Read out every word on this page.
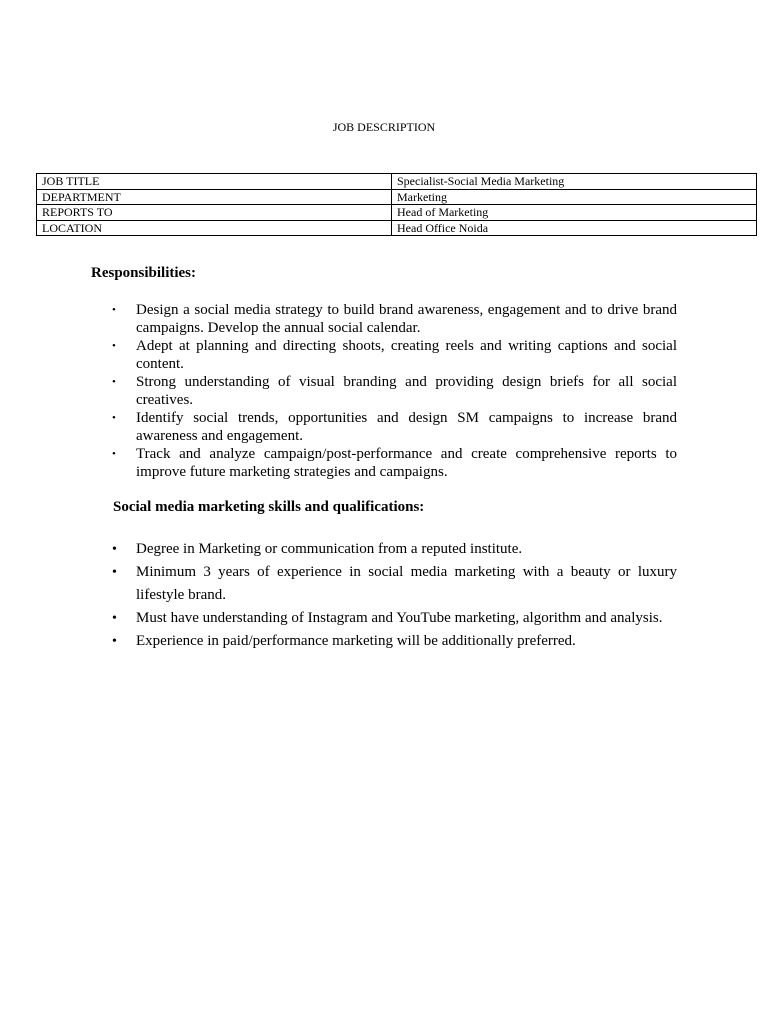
JOB DESCRIPTION
JOB TITLE	Specialist-Social Media Marketing
DEPARTMENT	Marketing
REPORTS TO	Head of Marketing
LOCATION	Head Office Noida
Responsibilities:
•	Design a social media strategy to build brand awareness, engagement and to drive brand campaigns. Develop the annual social calendar.
•	Adept at planning and directing shoots, creating reels and writing captions and social content.
•	Strong understanding of visual branding and providing design briefs for all social creatives.
•	Identify social trends, opportunities and design SM campaigns to increase brand awareness and engagement.
•	Track and analyze campaign/post-performance and create comprehensive reports to improve future marketing strategies and campaigns.
Social media marketing skills and qualifications:
•	Degree in Marketing or communication from a reputed institute.
•	Minimum 3 years of experience in social media marketing with a beauty or luxury lifestyle brand.
•	Must have understanding of Instagram and YouTube marketing, algorithm and analysis.
•	Experience in paid/performance marketing will be additionally preferred.
